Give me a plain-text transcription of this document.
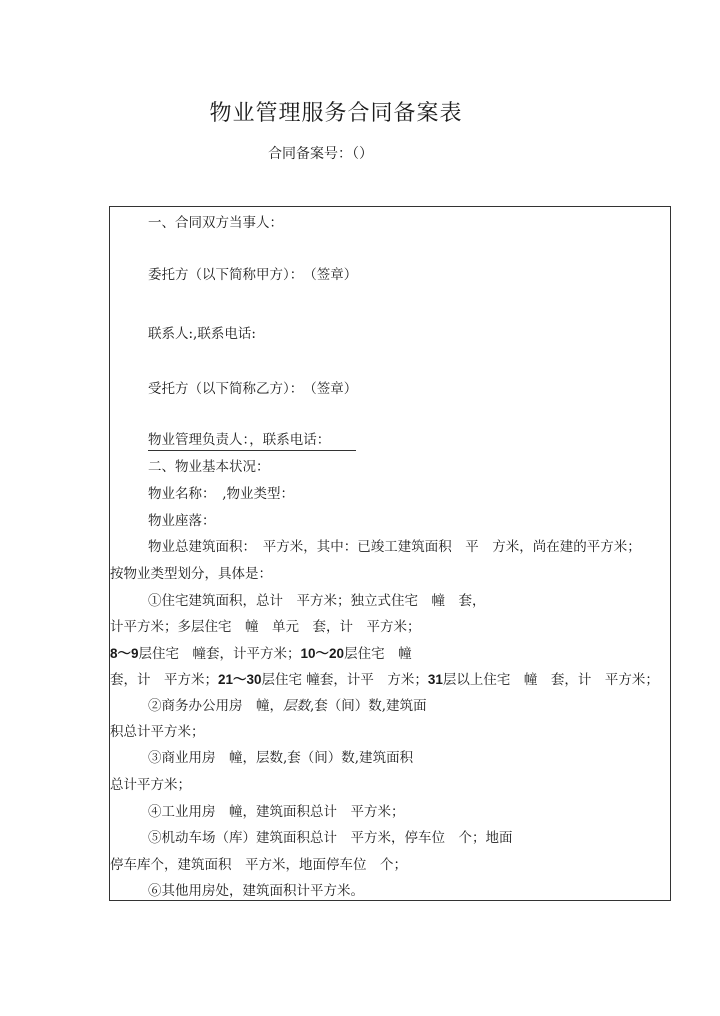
物业管理服务合同备案表
合同备案号：（）
一、合同双方当事人：
委托方（以下简称甲方）：　（签章）
联系人:,联系电话:
受托方（以下简称乙方）：　（签章）
物业管理负责人：，联系电话：
二、物业基本状况：
物业名称：　,物业类型：
物业座落：
物业总建筑面积：　平方米，其中：已竣工建筑面积　平　方米，尚在建的平方米；
按物业类型划分，具体是：
①住宅建筑面积，总计　平方米；独立式住宅　幢　套，
计平方米；多层住宅　幢　单元　套，计　平方米；
8～9层住宅　幢套，计平方米；10～20层住宅　幢
套，计　平方米；21～30层住宅 幢套，计平　方米；31层以上住宅　幢　套，计　平方米；
②商务办公用房　幢，层数,套（间）数,建筑面
积总计平方米；
③商业用房　幢，层数,套（间）数,建筑面积
总计平方米；
④工业用房　幢，建筑面积总计　平方米；
⑤机动车场（库）建筑面积总计　平方米，停车位　个；地面
停车库个，建筑面积　平方米，地面停车位　个；
⑥其他用房处，建筑面积计平方米。
